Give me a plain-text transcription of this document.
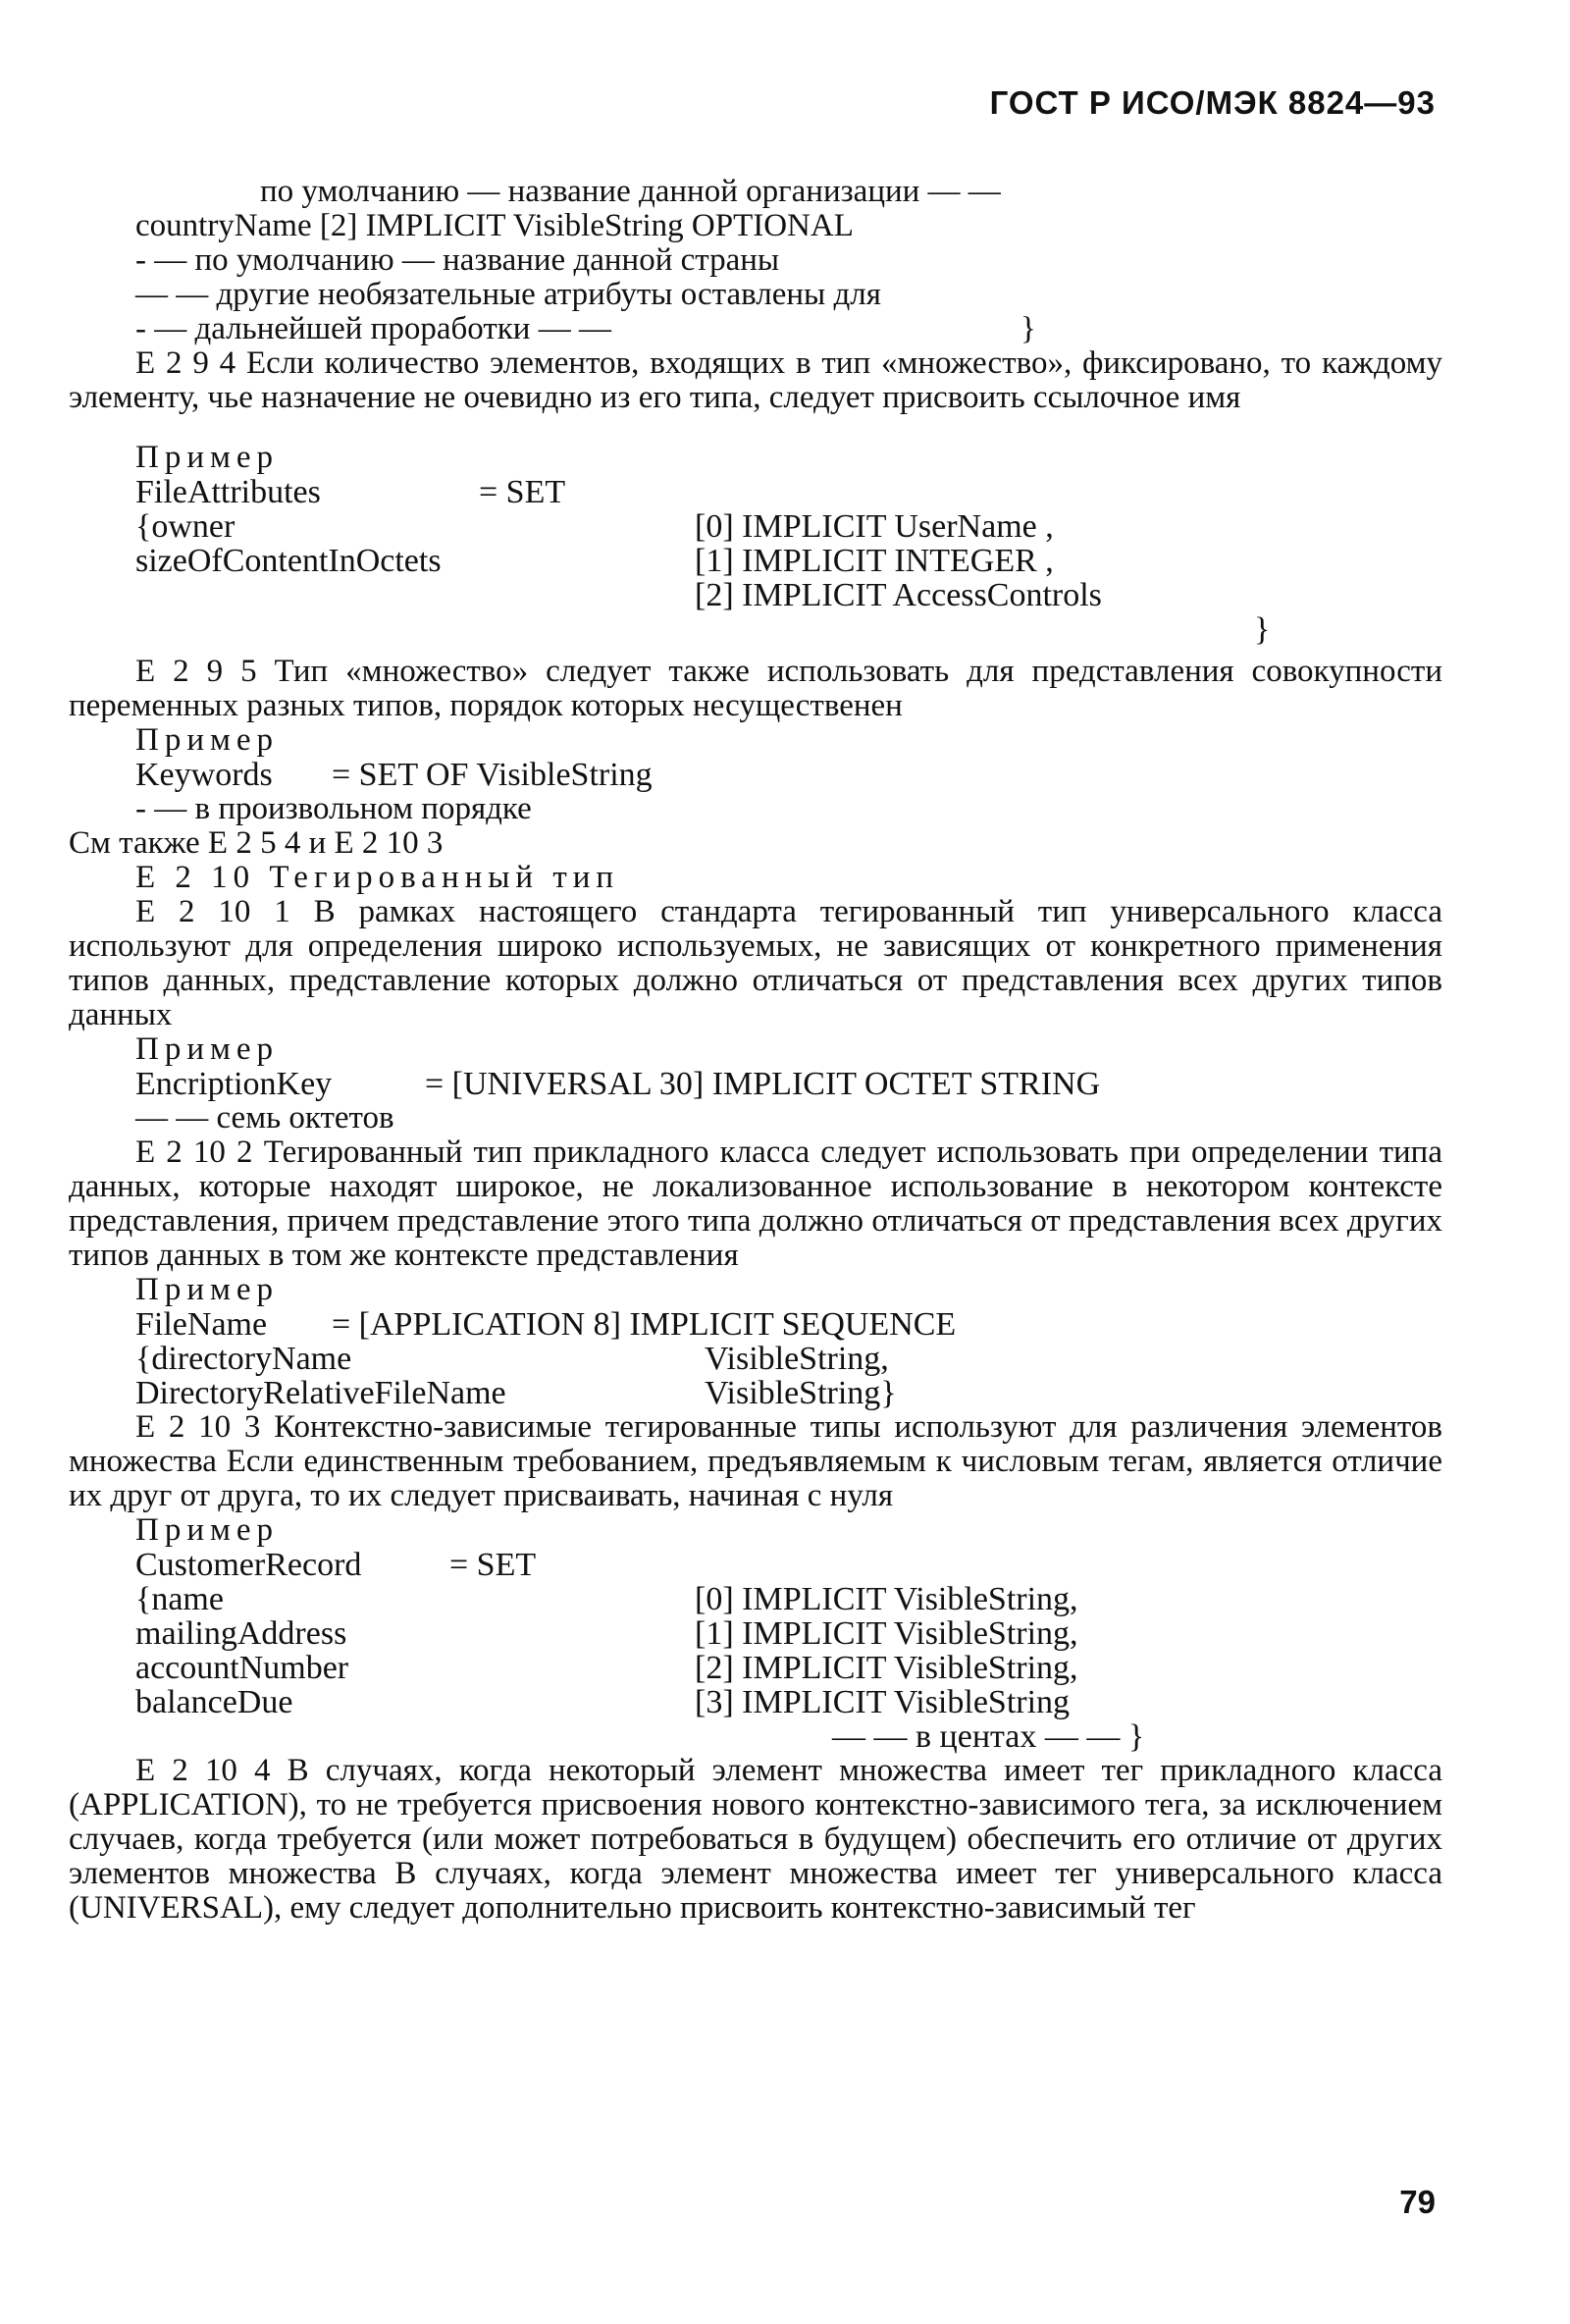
ГОСТ Р ИСО/МЭК 8824—93
по умолчанию — название данной организации — —
countryName [2] IMPLICIT VisibleString OPTIONAL
- — по умолчанию — название данной страны
— — другие необязательные атрибуты оставлены для
- — дальнейшей проработки — —	}
Е 2 9 4 Если количество элементов, входящих в тип «множество», фиксировано, то каждому элементу, чье назначение не очевидно из его типа, следует присвоить ссылочное имя
Пример
FileAttributes	= SET
{owner	[0] IMPLICIT UserName ,
sizeOfContentInOctets	[1] IMPLICIT INTEGER ,
[2] IMPLICIT AccessControls
}
Е 2 9 5 Тип «множество» следует также использовать для представления совокупности переменных разных типов, порядок которых несущественен
Пример
Keywords	= SET OF VisibleString
- — в произвольном порядке
См также Е 2 5 4 и Е 2 10 3
Е 2 10 Тегированный тип
Е 2 10 1 В рамках настоящего стандарта тегированный тип универсального класса используют для определения широко используемых, не зависящих от конкретного применения типов данных, представление которых должно отличаться от представления всех других типов данных
Пример
EncriptionKey	= [UNIVERSAL 30] IMPLICIT OCTET STRING
— — семь октетов
Е 2 10 2 Тегированный тип прикладного класса следует использовать при определении типа данных, которые находят широкое, не локализованное использование в некотором контексте представления, причем представление этого типа должно отличаться от представления всех других типов данных в том же контексте представления
Пример
FileName	= [APPLICATION 8] IMPLICIT SEQUENCE
{directoryName	VisibleString,
DirectoryRelativeFileName	VisibleString}
Е 2 10 3 Контекстно-зависимые тегированные типы используют для различения элементов множества Если единственным требованием, предъявляемым к числовым тегам, является отличие их друг от друга, то их следует присваивать, начиная с нуля
Пример
CustomerRecord	= SET
{name	[0] IMPLICIT VisibleString,
mailingAddress	[1] IMPLICIT VisibleString,
accountNumber	[2] IMPLICIT VisibleString,
balanceDue	[3] IMPLICIT VisibleString
— — в центах — — }
Е 2 10 4 В случаях, когда некоторый элемент множества имеет тег прикладного класса (APPLICATION), то не требуется присвоения нового контекстно-зависимого тега, за исключением случаев, когда требуется (или может потребоваться в будущем) обеспечить его отличие от других элементов множества В случаях, когда элемент множества имеет тег универсального класса (UNIVERSAL), ему следует дополнительно присвоить контекстно-зависимый тег
79
